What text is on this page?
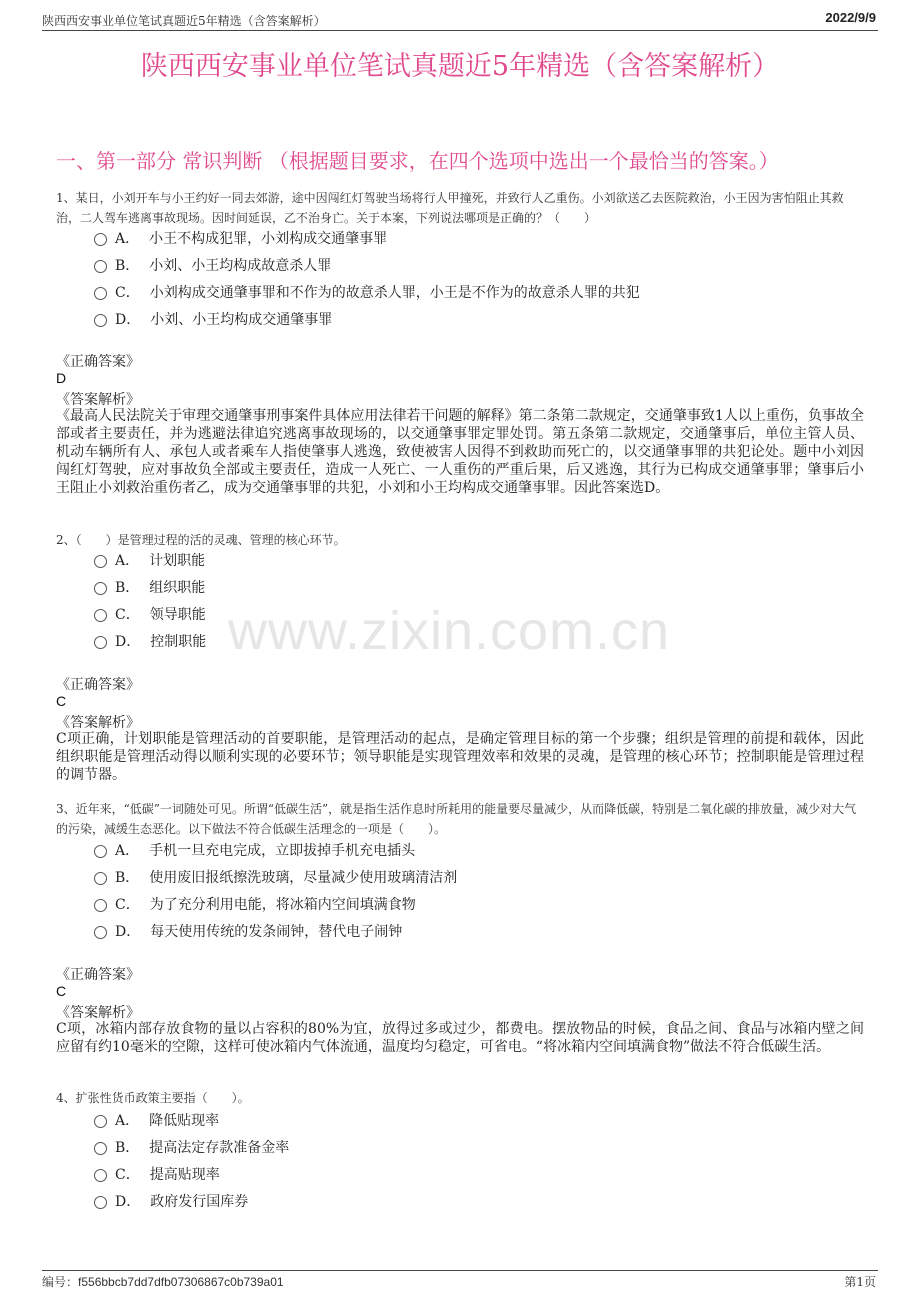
陕西西安事业单位笔试真题近5年精选（含答案解析）	2022/9/9
陕西西安事业单位笔试真题近5年精选（含答案解析）
一、第一部分 常识判断 （根据题目要求，在四个选项中选出一个最恰当的答案。）
www.zixin.com.cn
1、某日，小刘开车与小王约好一同去郊游，途中因闯红灯驾驶当场将行人甲撞死，并致行人乙重伤。小刘欲送乙去医院救治，小王因为害怕阻止其救治，二人驾车逃离事故现场。因时间延误，乙不治身亡。关于本案，下列说法哪项是正确的？（　　）
A． 小王不构成犯罪，小刘构成交通肇事罪
B． 小刘、小王均构成故意杀人罪
C． 小刘构成交通肇事罪和不作为的故意杀人罪，小王是不作为的故意杀人罪的共犯
D． 小刘、小王均构成交通肇事罪
《正确答案》
D
《答案解析》
《最高人民法院关于审理交通肇事刑事案件具体应用法律若干问题的解释》第二条第二款规定，交通肇事致1人以上重伤，负事故全部或者主要责任，并为逃避法律追究逃离事故现场的，以交通肇事罪定罪处罚。第五条第二款规定，交通肇事后，单位主管人员、机动车辆所有人、承包人或者乘车人指使肇事人逃逸，致使被害人因得不到救助而死亡的，以交通肇事罪的共犯论处。题中小刘因闯红灯驾驶，应对事故负全部或主要责任，造成一人死亡、一人重伤的严重后果，后又逃逸，其行为已构成交通肇事罪；肇事后小王阻止小刘救治重伤者乙，成为交通肇事罪的共犯，小刘和小王均构成交通肇事罪。因此答案选D。
2、（　　）是管理过程的活的灵魂、管理的核心环节。
A． 计划职能
B． 组织职能
C． 领导职能
D． 控制职能
《正确答案》
C
《答案解析》
C项正确，计划职能是管理活动的首要职能，是管理活动的起点，是确定管理目标的第一个步骤；组织是管理的前提和载体，因此组织职能是管理活动得以顺利实现的必要环节；领导职能是实现管理效率和效果的灵魂，是管理的核心环节；控制职能是管理过程的调节器。
3、近年来，“低碳”一词随处可见。所谓“低碳生活”，就是指生活作息时所耗用的能量要尽量减少，从而降低碳，特别是二氧化碳的排放量，减少对大气的污染，减缓生态恶化。以下做法不符合低碳生活理念的一项是（　　）。
A． 手机一旦充电完成，立即拔掉手机充电插头
B． 使用废旧报纸擦洗玻璃，尽量减少使用玻璃清洁剂
C． 为了充分利用电能，将冰箱内空间填满食物
D． 每天使用传统的发条闹钟，替代电子闹钟
《正确答案》
C
《答案解析》
C项，冰箱内部存放食物的量以占容积的80%为宜，放得过多或过少，都费电。摆放物品的时候，食品之间、食品与冰箱内壁之间应留有约10毫米的空隙，这样可使冰箱内气体流通，温度均匀稳定，可省电。“将冰箱内空间填满食物”做法不符合低碳生活。
4、扩张性货币政策主要指（　　）。
A． 降低贴现率
B． 提高法定存款准备金率
C． 提高贴现率
D． 政府发行国库券
编号：f556bbcb7dd7dfb07306867c0b739a01	第1页
